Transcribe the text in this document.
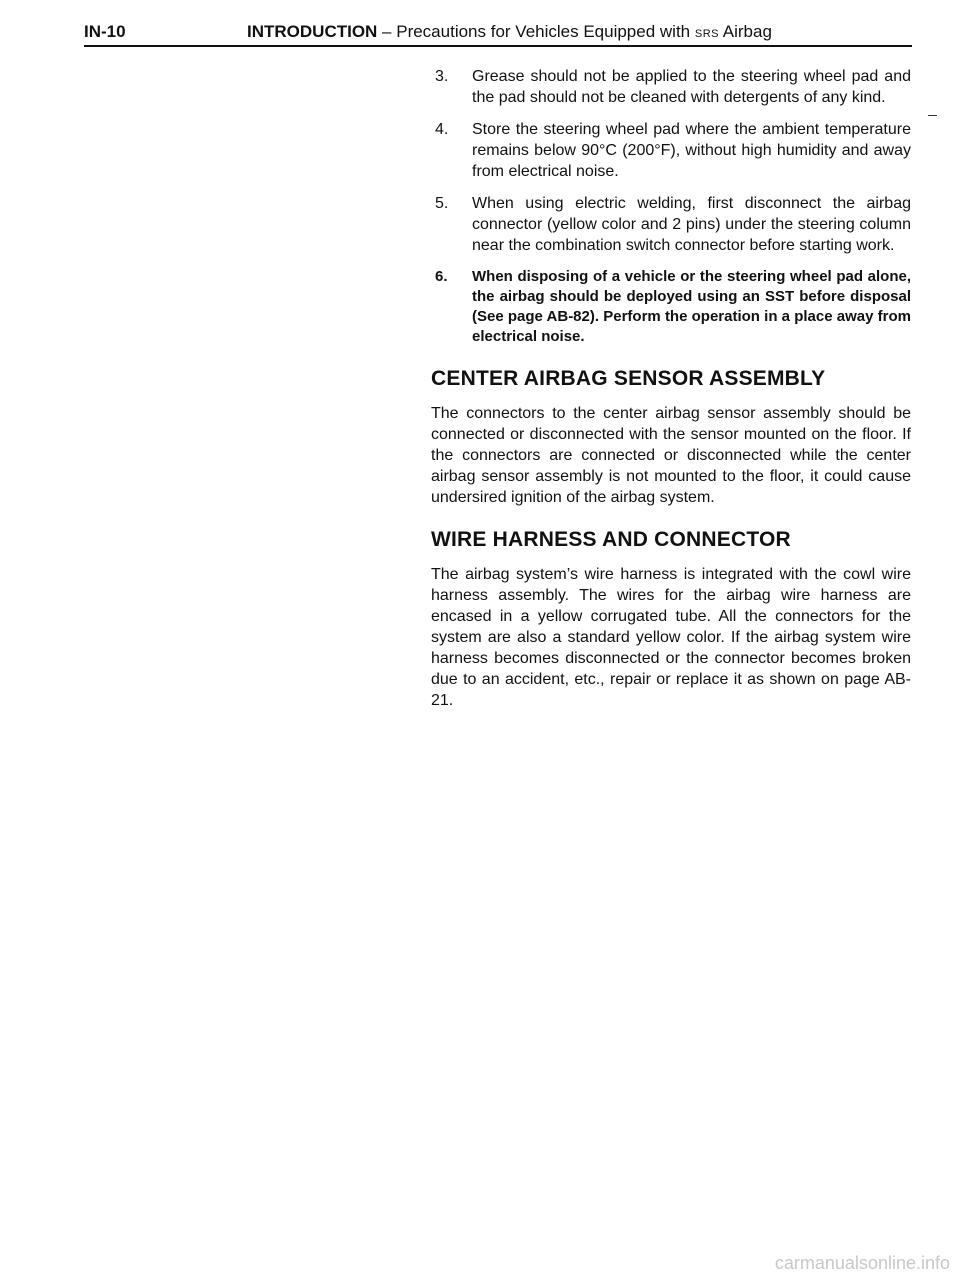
IN-10	INTRODUCTION – Precautions for Vehicles Equipped with SRS Airbag
3. Grease should not be applied to the steering wheel pad and the pad should not be cleaned with detergents of any kind.
4. Store the steering wheel pad where the ambient temperature remains below 90°C (200°F), without high humidity and away from electrical noise.
5. When using electric welding, first disconnect the airbag connector (yellow color and 2 pins) under the steering column near the combination switch connector before starting work.
6. When disposing of a vehicle or the steering wheel pad alone, the airbag should be deployed using an SST before disposal (See page AB-82). Perform the operation in a place away from electrical noise.
CENTER AIRBAG SENSOR ASSEMBLY

The connectors to the center airbag sensor assembly should be connected or disconnected with the sensor mounted on the floor. If the connectors are connected or disconnected while the center airbag sensor assembly is not mounted to the floor, it could cause undersired ignition of the airbag system.

WIRE HARNESS AND CONNECTOR

The airbag system’s wire harness is integrated with the cowl wire harness assembly. The wires for the airbag wire harness are encased in a yellow corrugated tube. All the connectors for the system are also a standard yellow color. If the airbag system wire harness becomes disconnected or the connector becomes broken due to an accident, etc., repair or replace it as shown on page AB-21.

carmanualsonline.info
